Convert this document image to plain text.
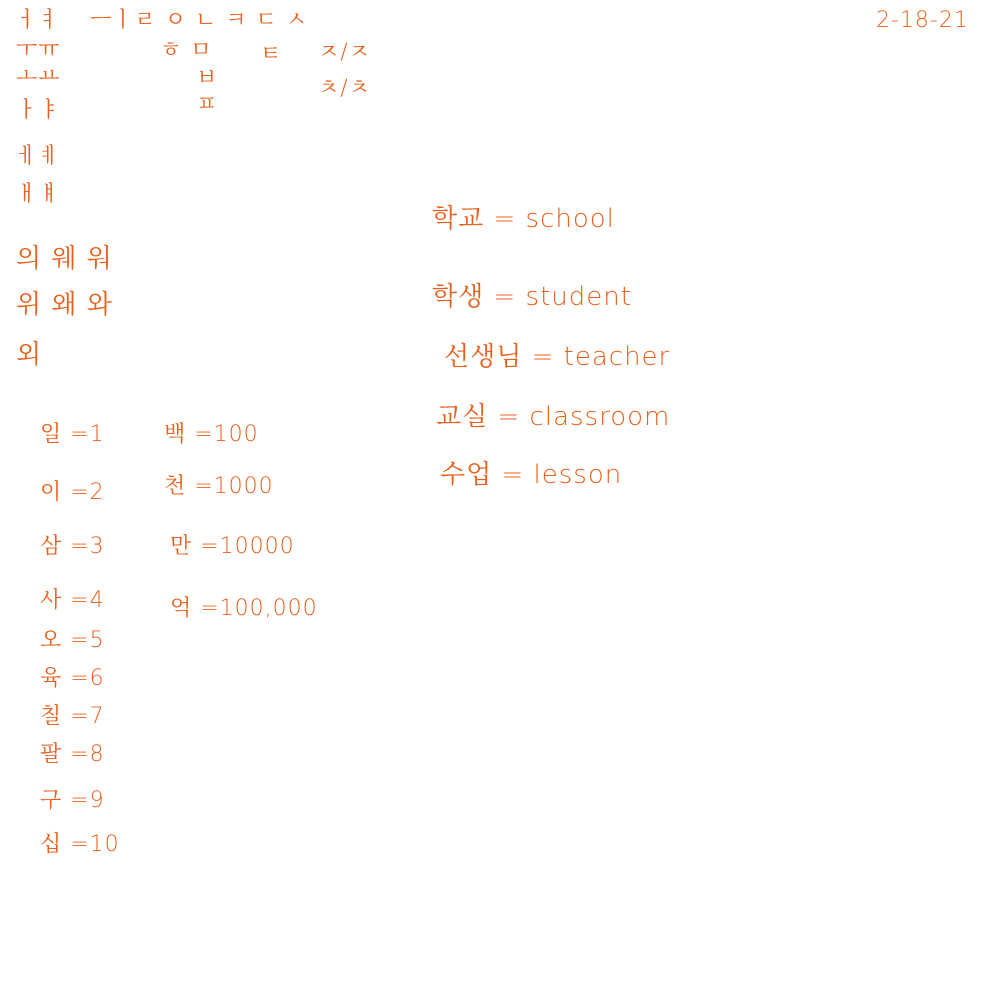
2-18-21
ㅓㅕ
ㅜㅠ
ㅗㅛ
ㅏㅑ
ㅔㅖ
ㅐㅒ
ㅡㅣㄹ ㅇ ㄴ ㅋ ㄷ ㅅ
ㅎ ㅁ ㅌ ㅈ/ㅈ
ㅂ	ㅊ/ㅊ
ㅍ
의 웨 워
위 왜 와
외
일 =1
이 =2
삼 =3
사 =4
오 =5
육 =6
칠 =7
팔 =8
구 =9
십 =10
백 =100
천 =1000
만 =10000
억 =100,000
학교 = school
학생 = student
선생님 = teacher
교실 = classroom
수업 = lesson
